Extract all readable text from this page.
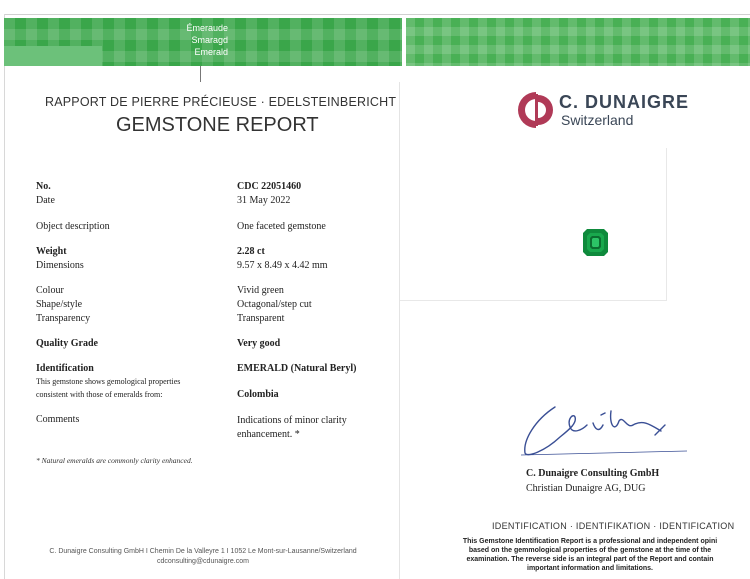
Émeraude
Smaragd
Emerald
RAPPORT DE PIERRE PRÉCIEUSE · EDELSTEINBERICHT
GEMSTONE REPORT
C. DUNAIGRE
Switzerland
No.	CDC 22051460
Date	31 May 2022
Object description	One faceted gemstone
Weight	2.28 ct
Dimensions	9.57 x 8.49 x 4.42 mm
Colour	Vivid green
Shape/style	Octagonal/step cut
Transparency	Transparent
Quality Grade	Very good
Identification	EMERALD (Natural Beryl)
This gemstone shows gemological properties
consistent with those of emeralds from:	Colombia
Comments	Indications of minor clarity
enhancement. *
* Natural emeralds are commonly clarity enhanced.
C. Dunaigre Consulting GmbH I Chemin De la Valleyre 1 I 1052 Le Mont-sur-Lausanne/Switzerland
cdconsulting@cdunaigre.com
C. Dunaigre Consulting GmbH
Christian Dunaigre AG, DUG
IDENTIFICATION · IDENTIFIKATION · IDENTIFICATION
This Gemstone Identification Report is a professional and independent opini
based on the gemmological properties of the gemstone at the time of the
examination. The reverse side is an integral part of the Report and contain
important information and limitations.
